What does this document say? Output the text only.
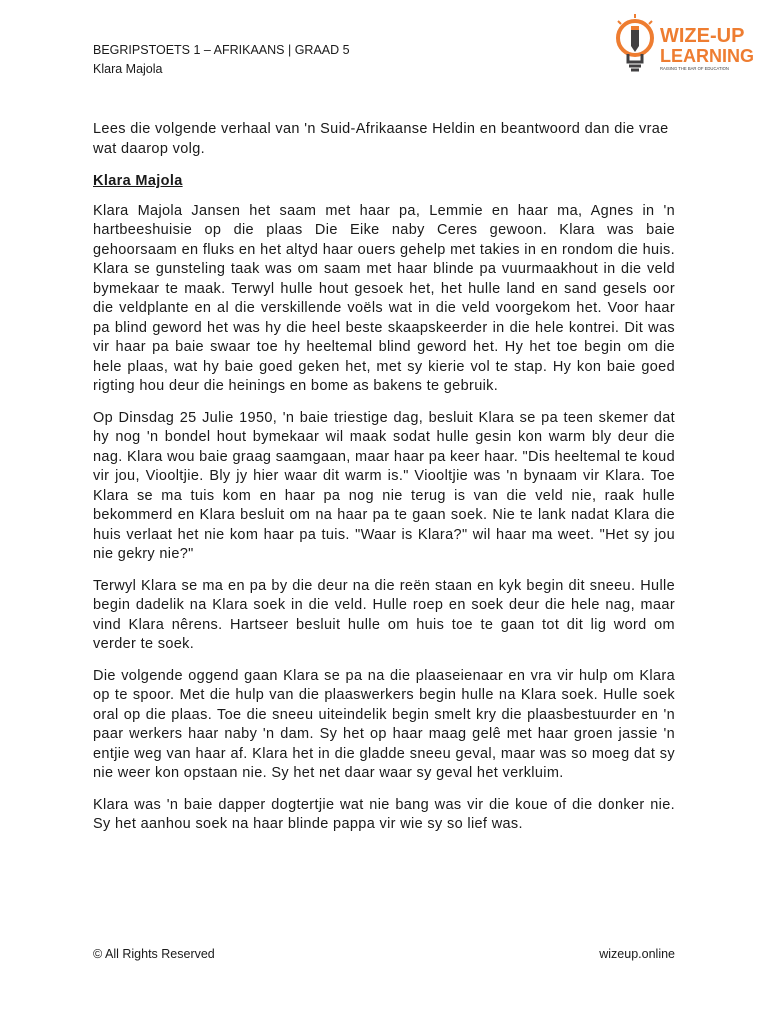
BEGRIPSTOETS 1 – AFRIKAANS | GRAAD 5
Klara Majola
WIZE-UP
LEARNING
RAISING THE BAR OF EDUCATION

Lees die volgende verhaal van 'n Suid-Afrikaanse Heldin en beantwoord dan die vrae wat daarop volg.

Klara Majola

Klara Majola Jansen het saam met haar pa, Lemmie en haar ma, Agnes in 'n hartbeeshuisie op die plaas Die Eike naby Ceres gewoon. Klara was baie gehoorsaam en fluks en het altyd haar ouers gehelp met takies in en rondom die huis. Klara se gunsteling taak was om saam met haar blinde pa vuurmaakhout in die veld bymekaar te maak. Terwyl hulle hout gesoek het, het hulle land en sand gesels oor die veldplante en al die verskillende voëls wat in die veld voorgekom het. Voor haar pa blind geword het was hy die heel beste skaapskeerder in die hele kontrei. Dit was vir haar pa baie swaar toe hy heeltemal blind geword het. Hy het toe begin om die hele plaas, wat hy baie goed geken het, met sy kierie vol te stap. Hy kon baie goed rigting hou deur die heinings en bome as bakens te gebruik.

Op Dinsdag 25 Julie 1950, 'n baie triestige dag, besluit Klara se pa teen skemer dat hy nog 'n bondel hout bymekaar wil maak sodat hulle gesin kon warm bly deur die nag. Klara wou baie graag saamgaan, maar haar pa keer haar. "Dis heeltemal te koud vir jou, Viooltjie. Bly jy hier waar dit warm is." Viooltjie was 'n bynaam vir Klara. Toe Klara se ma tuis kom en haar pa nog nie terug is van die veld nie, raak hulle bekommerd en Klara besluit om na haar pa te gaan soek. Nie te lank nadat Klara die huis verlaat het nie kom haar pa tuis. "Waar is Klara?" wil haar ma weet. "Het sy jou nie gekry nie?"

Terwyl Klara se ma en pa by die deur na die reën staan en kyk begin dit sneeu. Hulle begin dadelik na Klara soek in die veld. Hulle roep en soek deur die hele nag, maar vind Klara nêrens. Hartseer besluit hulle om huis toe te gaan tot dit lig word om verder te soek.

Die volgende oggend gaan Klara se pa na die plaaseienaar en vra vir hulp om Klara op te spoor. Met die hulp van die plaaswerkers begin hulle na Klara soek. Hulle soek oral op die plaas. Toe die sneeu uiteindelik begin smelt kry die plaasbestuurder en 'n paar werkers haar naby 'n dam. Sy het op haar maag gelê met haar groen jassie 'n entjie weg van haar af. Klara het in die gladde sneeu geval, maar was so moeg dat sy nie weer kon opstaan nie. Sy het net daar waar sy geval het verkluim.

Klara was 'n baie dapper dogtertjie wat nie bang was vir die koue of die donker nie. Sy het aanhou soek na haar blinde pappa vir wie sy so lief was.

© All Rights Reserved	wizeup.online
